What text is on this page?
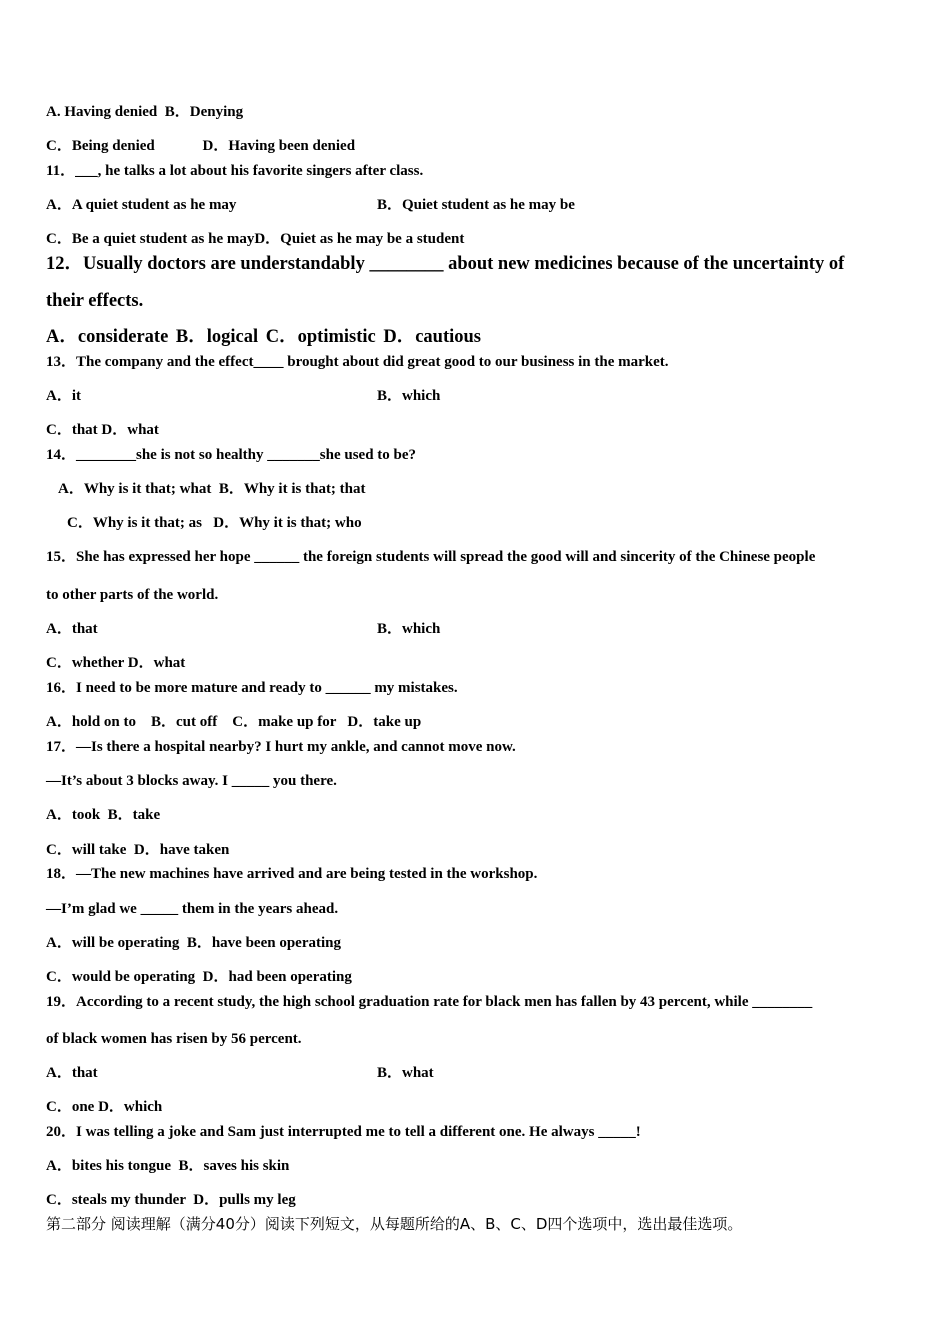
A. Having denied B．Denying
C．Being denied	D．Having been denied
11．___, he talks a lot about his favorite singers after class.
A．A quiet student as he may	B．Quiet student as he may be
C．Be a quiet student as he mayD．Quiet as he may be a student
12．Usually doctors are understandably ________ about new medicines because of the uncertainty of
their effects.
A．considerate B．logical C．optimistic D．cautious
13．The company and the effect____ brought about did great good to our business in the market.
A．it	B．which
C．that D．what
14．________she is not so healthy _______she used to be?
A．Why is it that; what  B．Why it is that; that
C．Why is it that; as   D．Why it is that; who
15．She has expressed her hope ______ the foreign students will spread the good will and sincerity of the Chinese people
to other parts of the world.
A．that	B．which
C．whether D．what
16．I need to be more mature and ready to ______ my mistakes.
A．hold on to    B．cut off    C．make up for   D．take up
17．—Is there a hospital nearby? I hurt my ankle, and cannot move now.
—It’s about 3 blocks away. I _____ you there.
A．took  B．take
C．will take  D．have taken
18．—The new machines have arrived and are being tested in the workshop.
—I’m glad we _____ them in the years ahead.
A．will be operating  B．have been operating
C．would be operating  D．had been operating
19．According to a recent study, the high school graduation rate for black men has fallen by 43 percent, while ________
of black women has risen by 56 percent.
A．that	B．what
C．one D．which
20．I was telling a joke and Sam just interrupted me to tell a different one. He always _____!
A．bites his tongue  B．saves his skin
C．steals my thunder  D．pulls my leg
第二部分 阅读理解（满分40分）阅读下列短文，从每题所给的A、B、C、D四个选项中，选出最佳选项。
